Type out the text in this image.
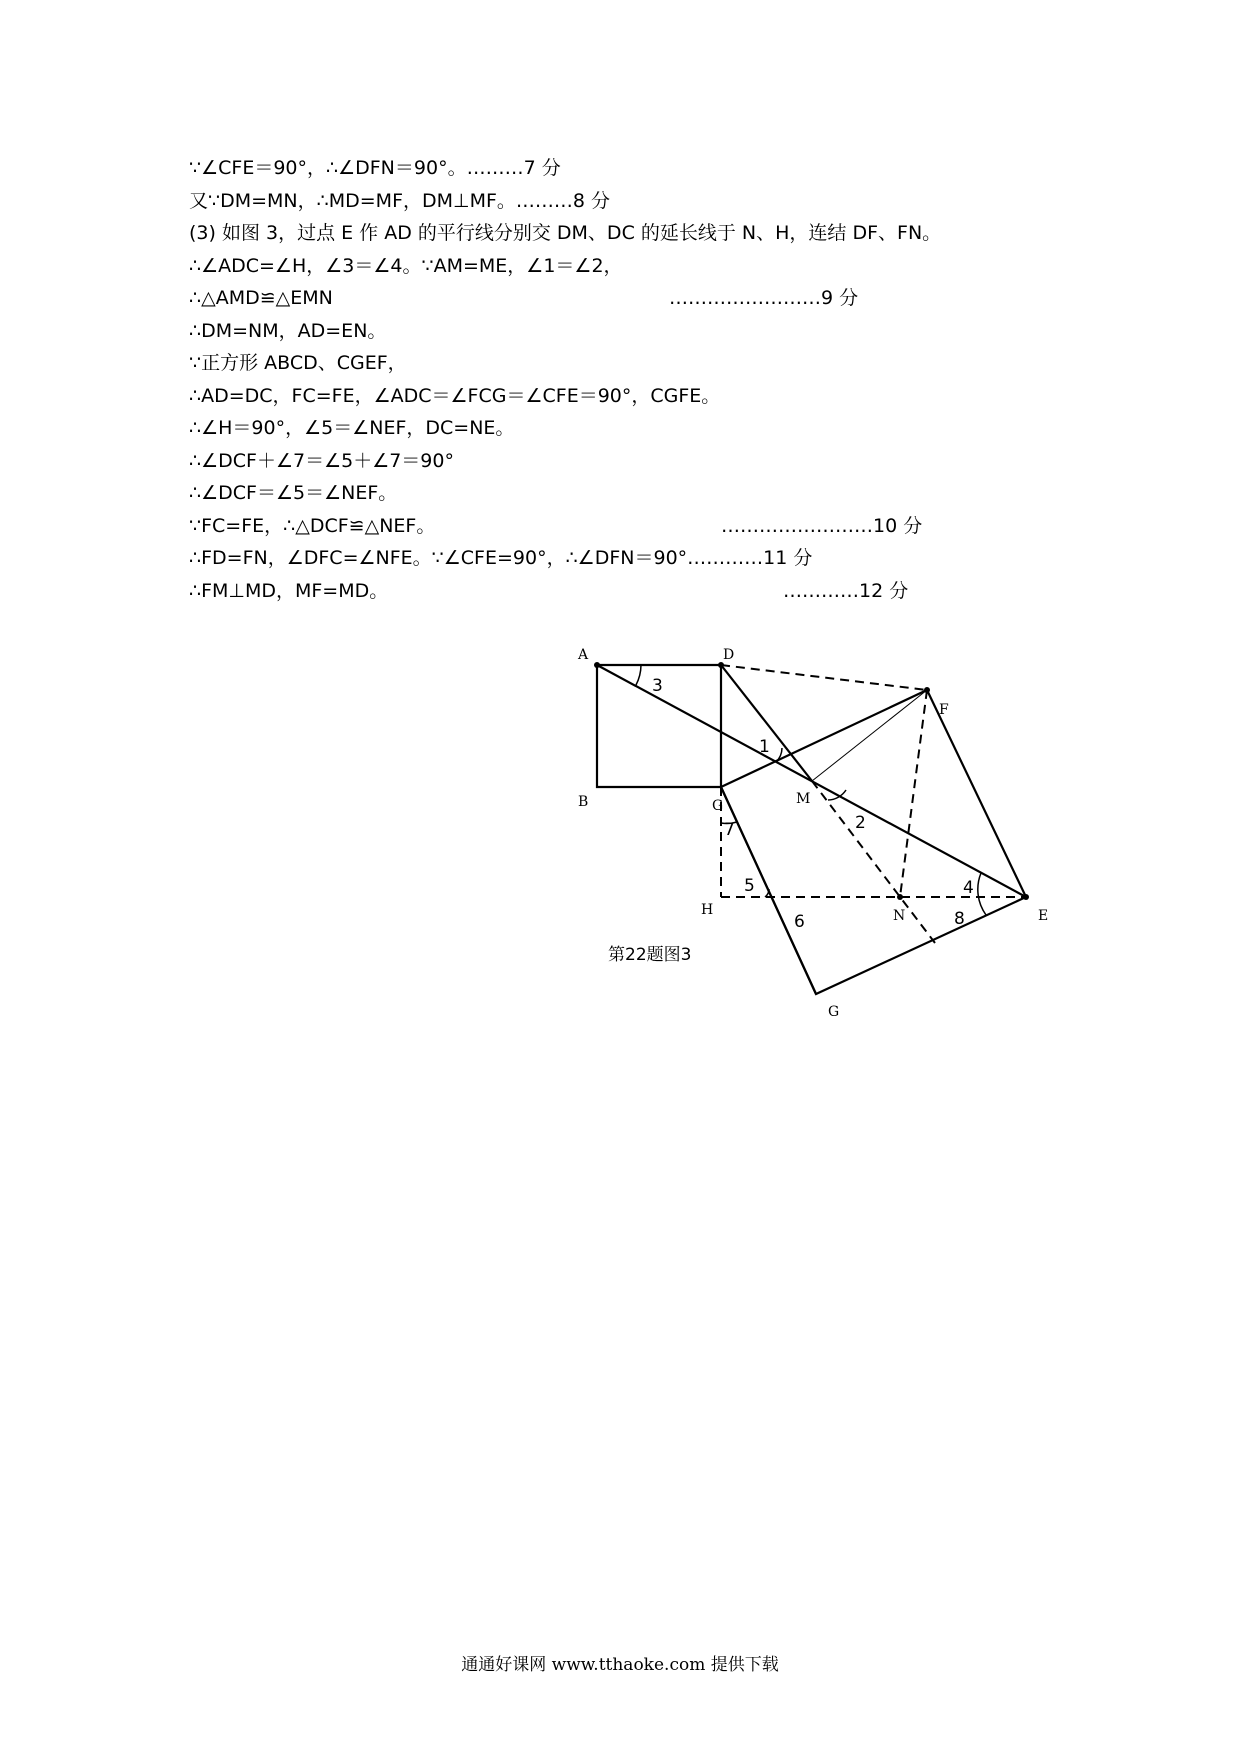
∵∠CFE＝90°，∴∠DFN＝90°。………7 分
又∵DM=MN，∴MD=MF，DM⊥MF。………8 分
(3) 如图 3，过点 E 作 AD 的平行线分别交 DM、DC 的延长线于 N、H，连结 DF、FN。
∴∠ADC=∠H，∠3＝∠4。∵AM=ME，∠1＝∠2，
∴△AMD≌△EMN	……………………9 分
∴DM=NM，AD=EN。
∵正方形 ABCD、CGEF，
∴AD=DC，FC=FE，∠ADC＝∠FCG＝∠CFE＝90°，CGFE。
∴∠H＝90°，∠5＝∠NEF，DC=NE。
∴∠DCF＋∠7＝∠5＋∠7＝90°
∴∠DCF＝∠5＝∠NEF。
∵FC=FE，∴△DCF≌△NEF。	……………………10 分
∴FD=FN，∠DFC=∠NFE。∵∠CFE=90°，∴∠DFN＝90°…………11 分
∴FM⊥MD，MF=MD。	…………12 分
A
B
D
G	M
F
H	N	E
G
3
1
2
4
7
5
6	8
第22题图3
通通好课网 www.tthaoke.com 提供下载
